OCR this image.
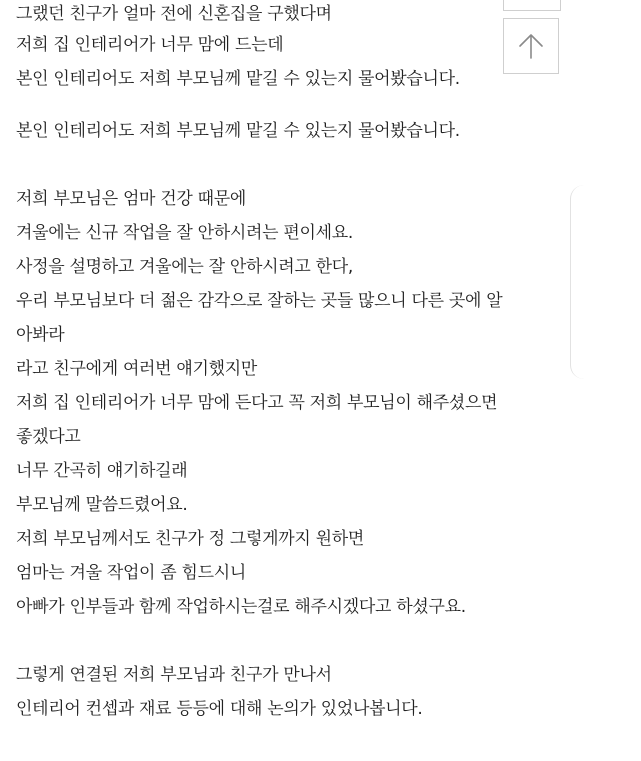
그랬던 친구가 얼마 전에 신혼집을 구했다며
저희 집 인테리어가 너무 맘에 드는데
본인 인테리어도 저희 부모님께 맡길 수 있는지 물어봤습니다.
본인 인테리어도 저희 부모님께 맡길 수 있는지 물어봤습니다.
저희 부모님은 엄마 건강 때문에
겨울에는 신규 작업을 잘 안하시려는 편이세요.
사정을 설명하고 겨울에는 잘 안하시려고 한다,
우리 부모님보다 더 젊은 감각으로 잘하는 곳들 많으니 다른 곳에 알
아봐라
라고 친구에게 여러번 얘기했지만
저희 집 인테리어가 너무 맘에 든다고 꼭 저희 부모님이 해주셨으면
좋겠다고
너무 간곡히 얘기하길래
부모님께 말씀드렸어요.
저희 부모님께서도 친구가 정 그렇게까지 원하면
엄마는 겨울 작업이 좀 힘드시니
아빠가 인부들과 함께 작업하시는걸로 해주시겠다고 하셨구요.
그렇게 연결된 저희 부모님과 친구가 만나서
인테리어 컨셉과 재료 등등에 대해 논의가 있었나봅니다.
